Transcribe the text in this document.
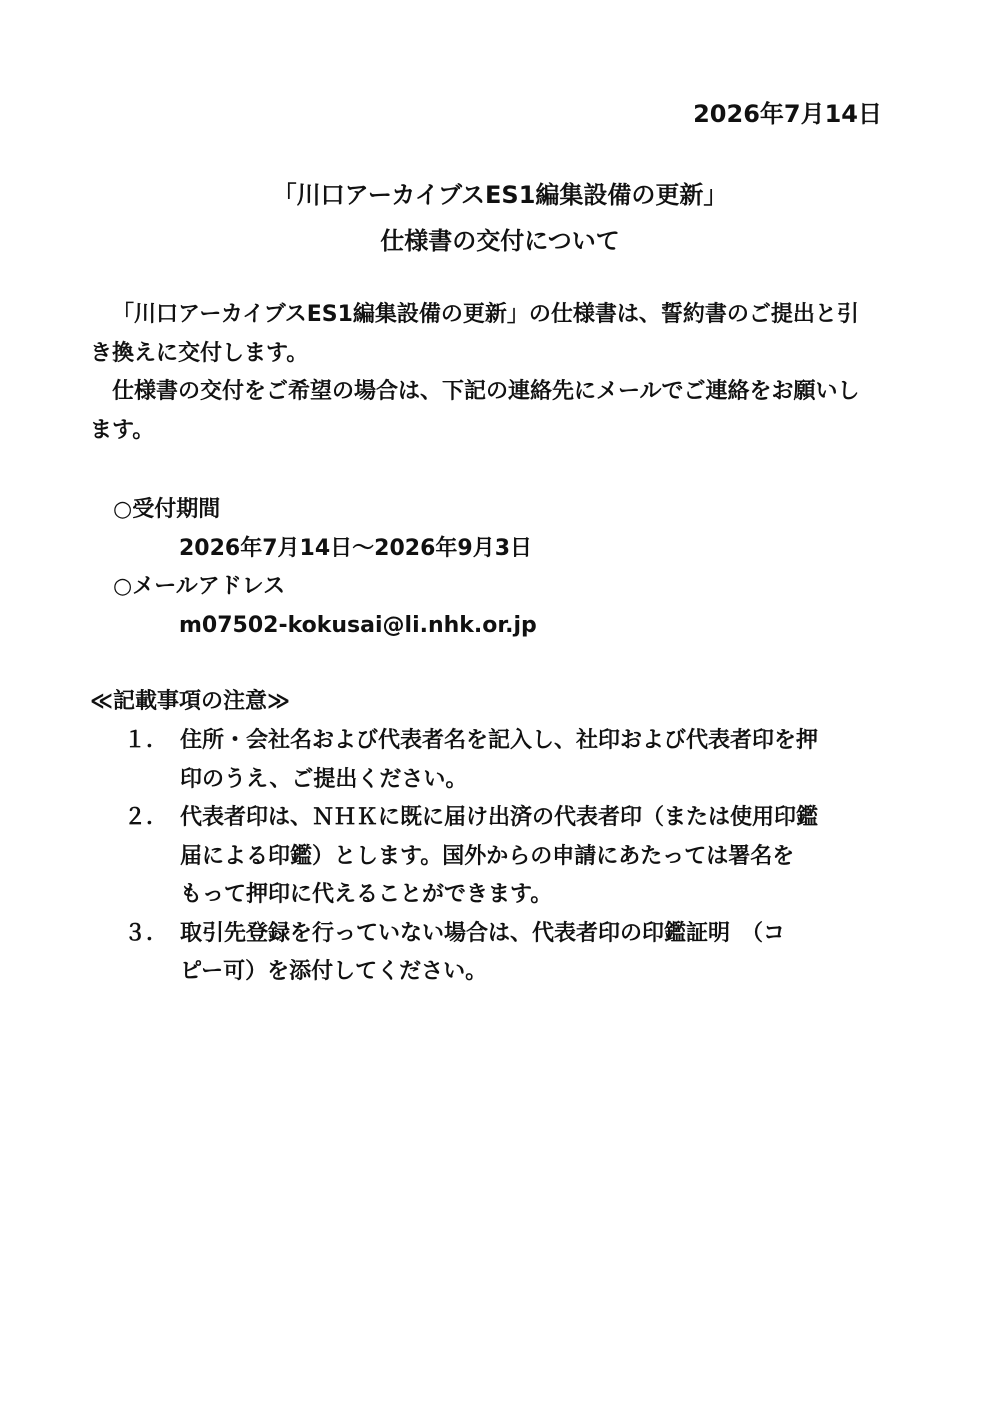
2026年7月14日
「川口アーカイブスES1編集設備の更新」
仕様書の交付について

「川口アーカイブスES1編集設備の更新」の仕様書は、誓約書のご提出と引き換えに交付します。

仕様書の交付をご希望の場合は、下記の連絡先にメールでご連絡をお願いします。

○受付期間
2026年7月14日～2026年9月3日
○メールアドレス
m07502-kokusai@li.nhk.or.jp
≪記載事項の注意≫
１． 住所・会社名および代表者名を記入し、社印および代表者印を押
印のうえ、ご提出ください。
２． 代表者印は、ＮＨＫに既に届け出済の代表者印（または使用印鑑
届による印鑑）とします。国外からの申請にあたっては署名を
もって押印に代えることができます。
３． 取引先登録を行っていない場合は、代表者印の印鑑証明　（コ
ピー可）を添付してください。
